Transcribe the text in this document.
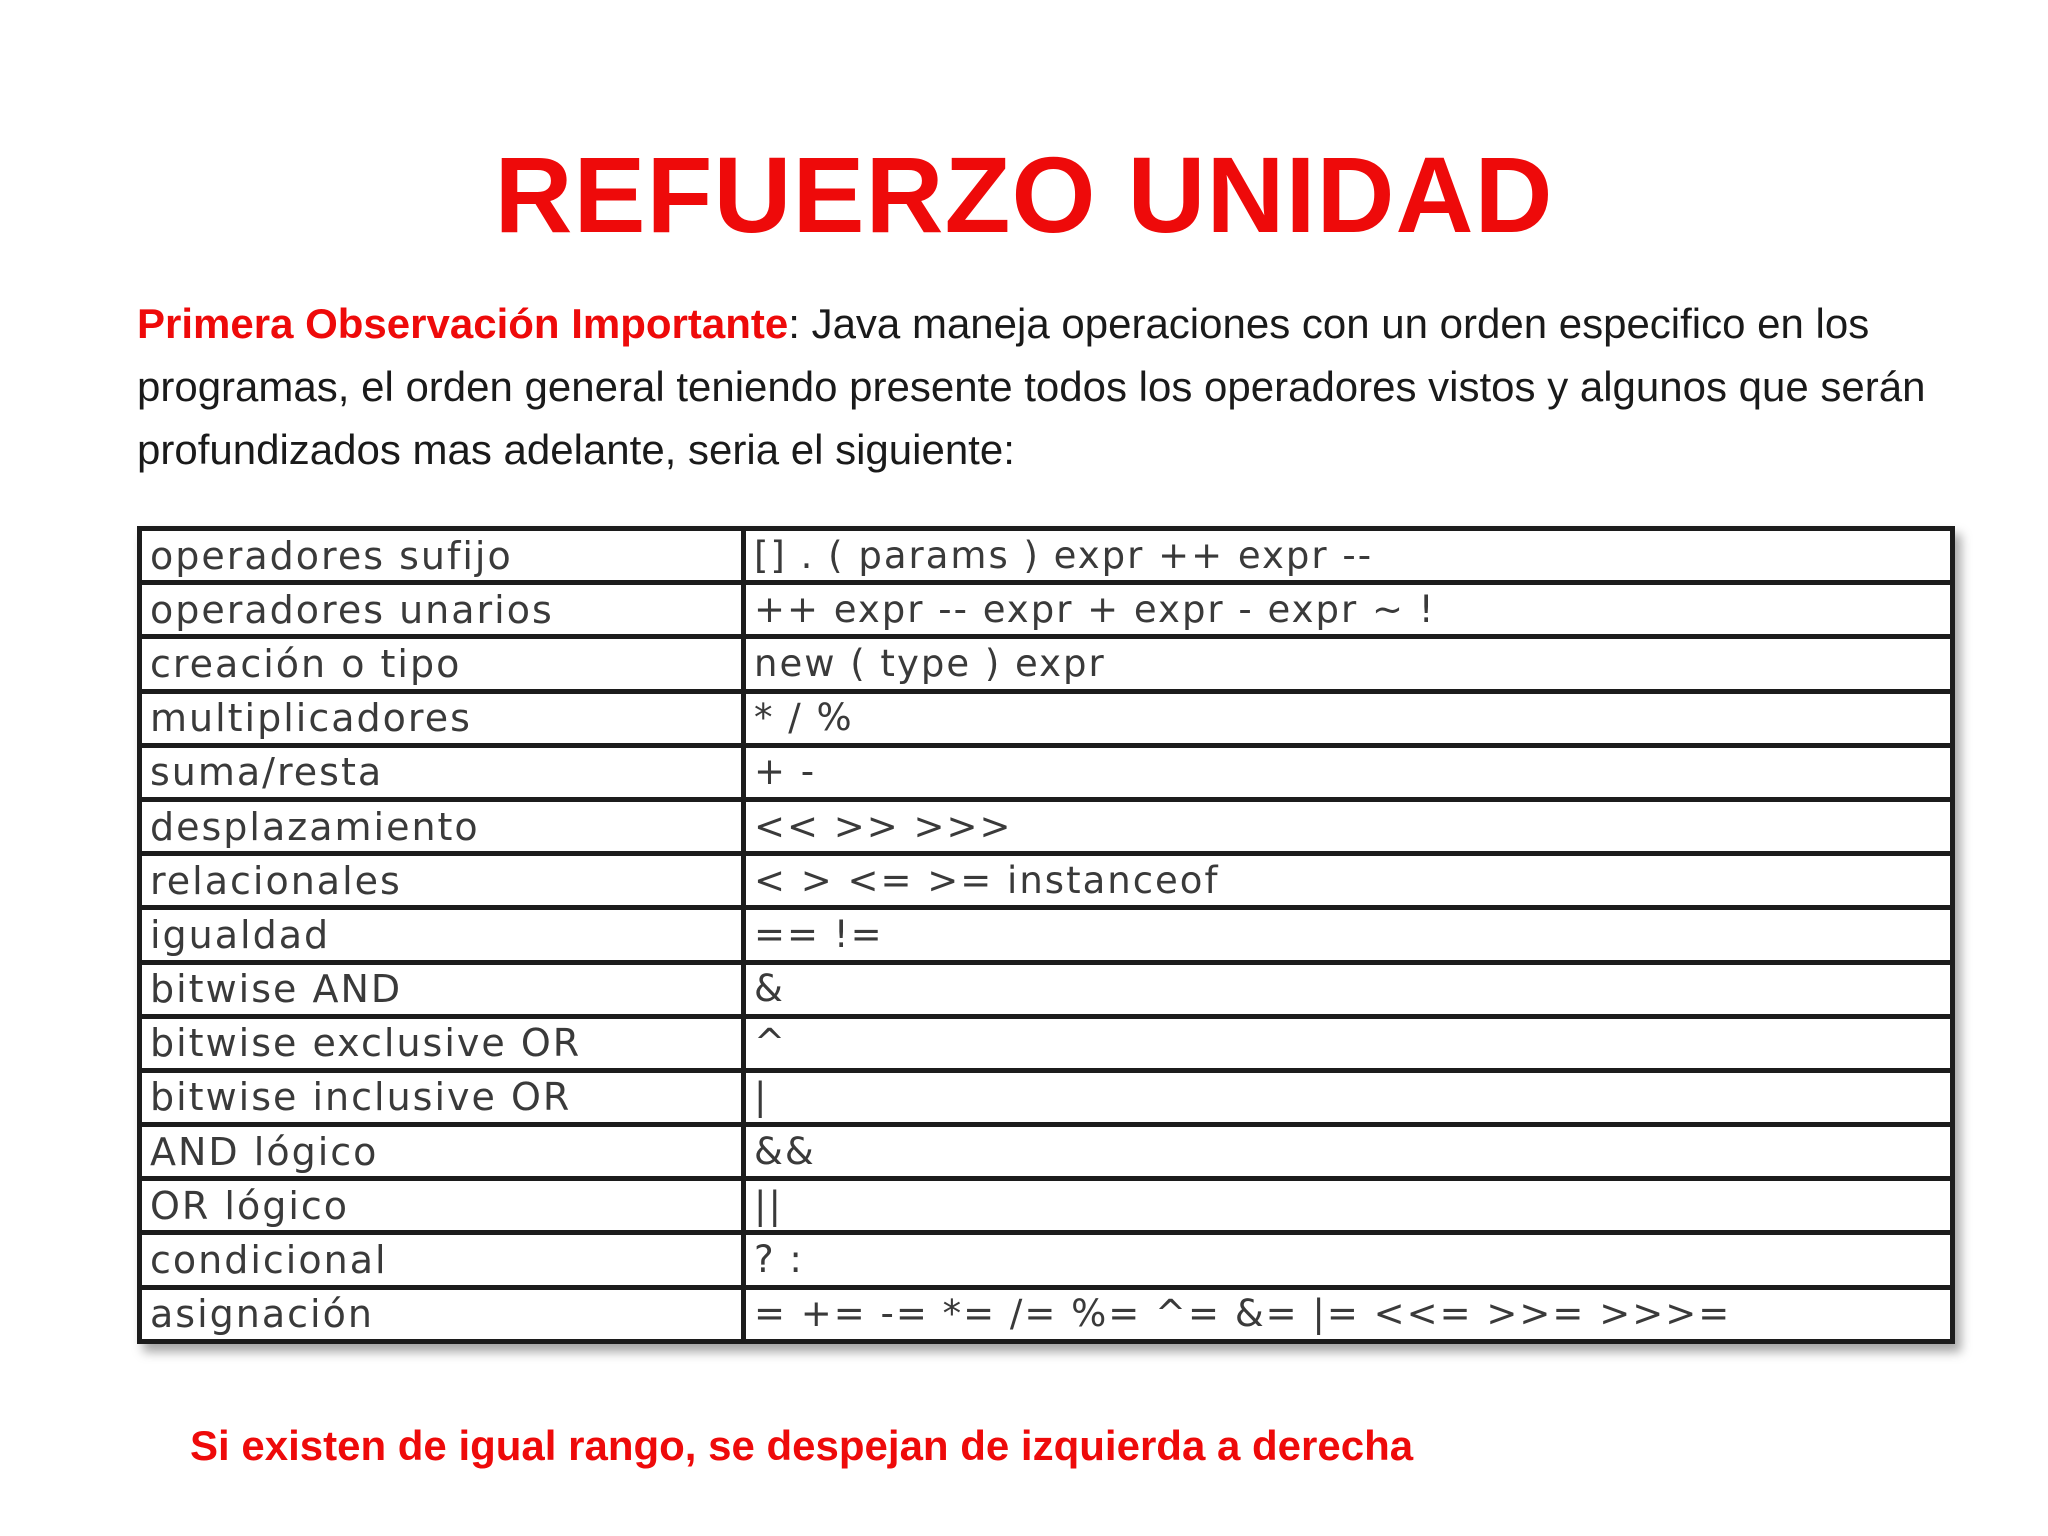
REFUERZO UNIDAD
Primera Observación Importante: Java maneja operaciones con un orden especifico en los programas, el orden general teniendo presente todos los operadores vistos y algunos que serán profundizados mas adelante, seria el siguiente:
operadores sufijo	[] . ( params ) expr ++ expr --
operadores unarios	++ expr -- expr + expr - expr ~ !
creación o tipo	new ( type ) expr
multiplicadores	* / %
suma/resta	+ -
desplazamiento	<< >> >>>
relacionales	< > <= >= instanceof
igualdad	== !=
bitwise AND	&
bitwise exclusive OR	^
bitwise inclusive OR	|
AND lógico	&&
OR lógico	||
condicional	? :
asignación	= += -= *= /= %= ^= &= |= <<= >>= >>>=
Si existen de igual rango, se despejan de izquierda a derecha
